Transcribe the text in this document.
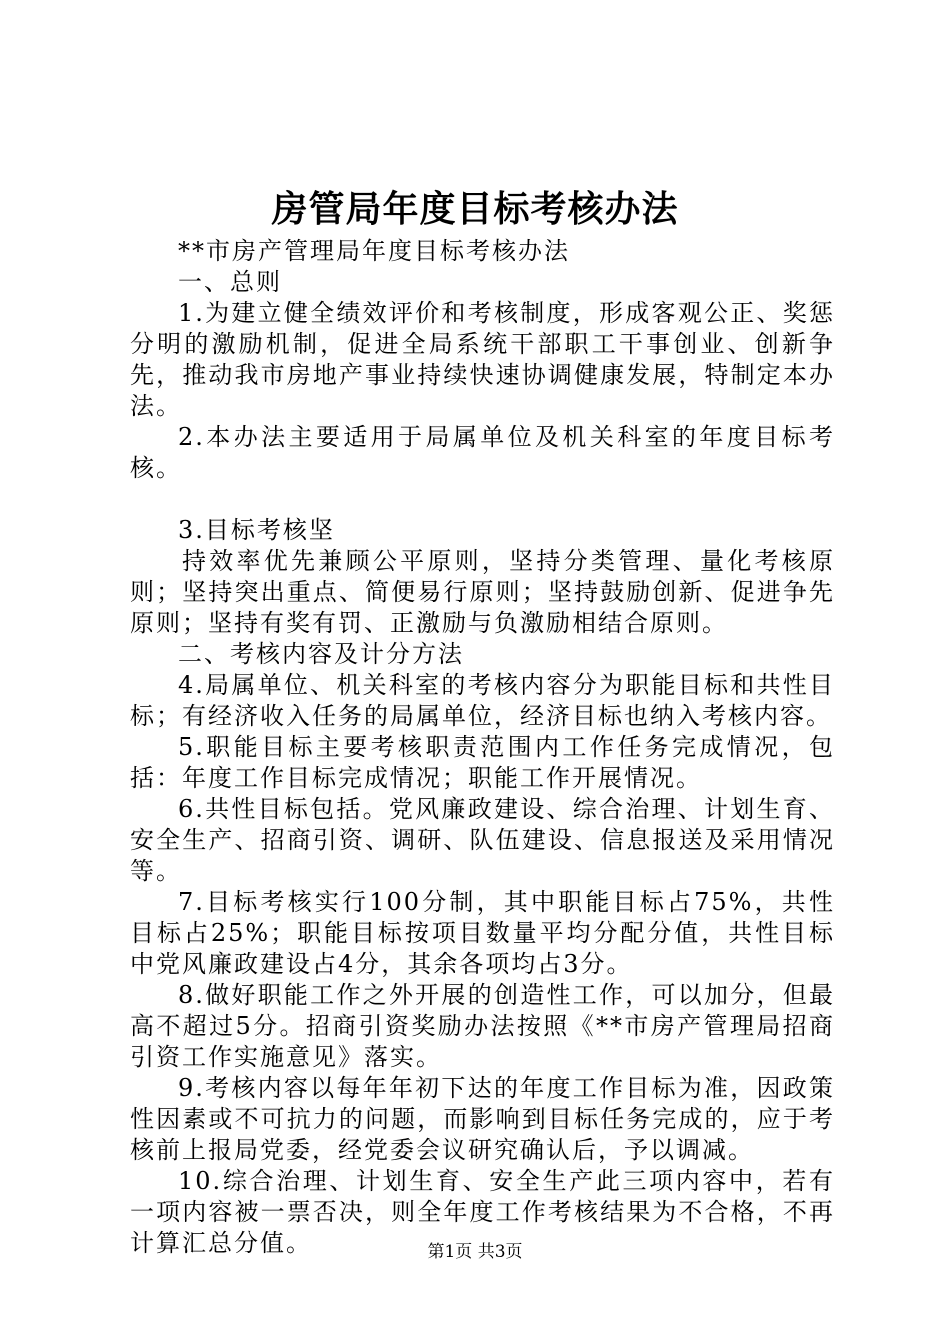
房管局年度目标考核办法

**市房产管理局年度目标考核办法

一、总则

1.为建立健全绩效评价和考核制度，形成客观公正、奖惩分明的激励机制，促进全局系统干部职工干事创业、创新争先，推动我市房地产事业持续快速协调健康发展，特制定本办法。

2.本办法主要适用于局属单位及机关科室的年度目标考核。

3.目标考核坚

持效率优先兼顾公平原则，坚持分类管理、量化考核原则；坚持突出重点、简便易行原则；坚持鼓励创新、促进争先原则；坚持有奖有罚、正激励与负激励相结合原则。

二、考核内容及计分方法

4.局属单位、机关科室的考核内容分为职能目标和共性目标；有经济收入任务的局属单位，经济目标也纳入考核内容。

5.职能目标主要考核职责范围内工作任务完成情况，包括：年度工作目标完成情况；职能工作开展情况。

6.共性目标包括。党风廉政建设、综合治理、计划生育、安全生产、招商引资、调研、队伍建设、信息报送及采用情况等。

7.目标考核实行100分制，其中职能目标占75%，共性目标占25%；职能目标按项目数量平均分配分值，共性目标中党风廉政建设占4分，其余各项均占3分。

8.做好职能工作之外开展的创造性工作，可以加分，但最高不超过5分。招商引资奖励办法按照《**市房产管理局招商引资工作实施意见》落实。

9.考核内容以每年年初下达的年度工作目标为准，因政策性因素或不可抗力的问题，而影响到目标任务完成的，应于考核前上报局党委，经党委会议研究确认后，予以调减。

10.综合治理、计划生育、安全生产此三项内容中，若有一项内容被一票否决，则全年度工作考核结果为不合格，不再计算汇总分值。	第1页 共3页
